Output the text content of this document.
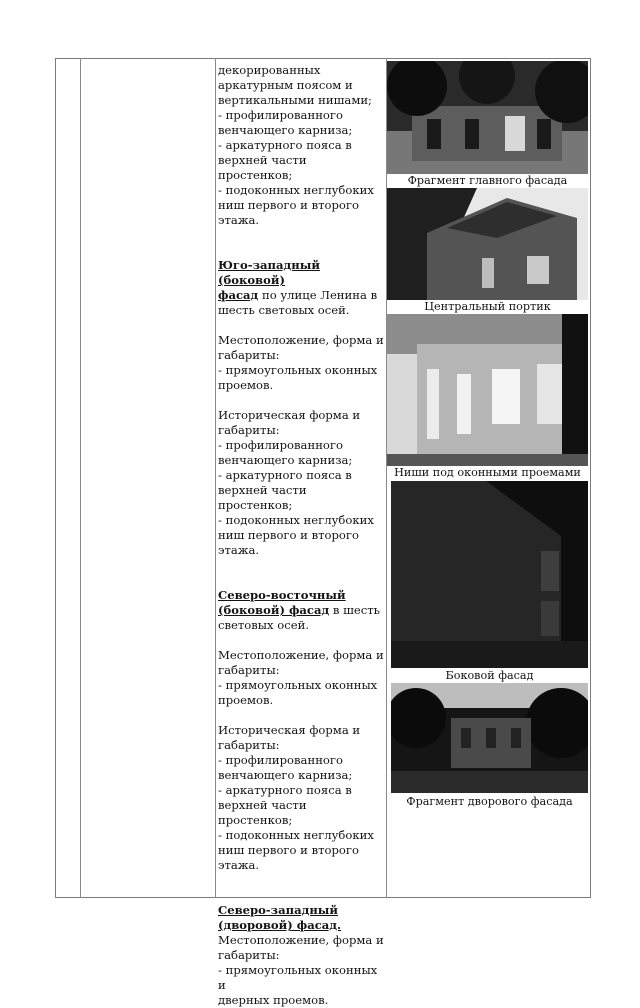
декорированных

аркатурным поясом и

вертикальными нишами;

- профилированного

венчающего карниза;

- аркатурного пояса в

верхней части простенков;

- подоконных неглубоких

ниш первого и второго

этажа.

Юго-западный (боковой)

фасад по улице Ленина в

шесть световых осей.

Местоположение, форма и

габариты:

- прямоугольных оконных

проемов.

Историческая форма и

габариты:

- профилированного

венчающего карниза;

- аркатурного пояса в

верхней части простенков;

- подоконных неглубоких

ниш первого и второго

этажа.

Северо-восточный

(боковой) фасад в шесть

световых осей.

Местоположение, форма и

габариты:

- прямоугольных оконных

проемов.

Историческая форма и

габариты:

- профилированного

венчающего карниза;

- аркатурного пояса в

верхней части простенков;

- подоконных неглубоких

ниш первого и второго

этажа.

Северо-западный

(дворовой) фасад.

Местоположение, форма и

габариты:

- прямоугольных оконных и

дверных проемов.

Фрагмент главного фасада
Центральный портик
Ниши под оконными проемами
Боковой фасад
Фрагмент дворового фасада
